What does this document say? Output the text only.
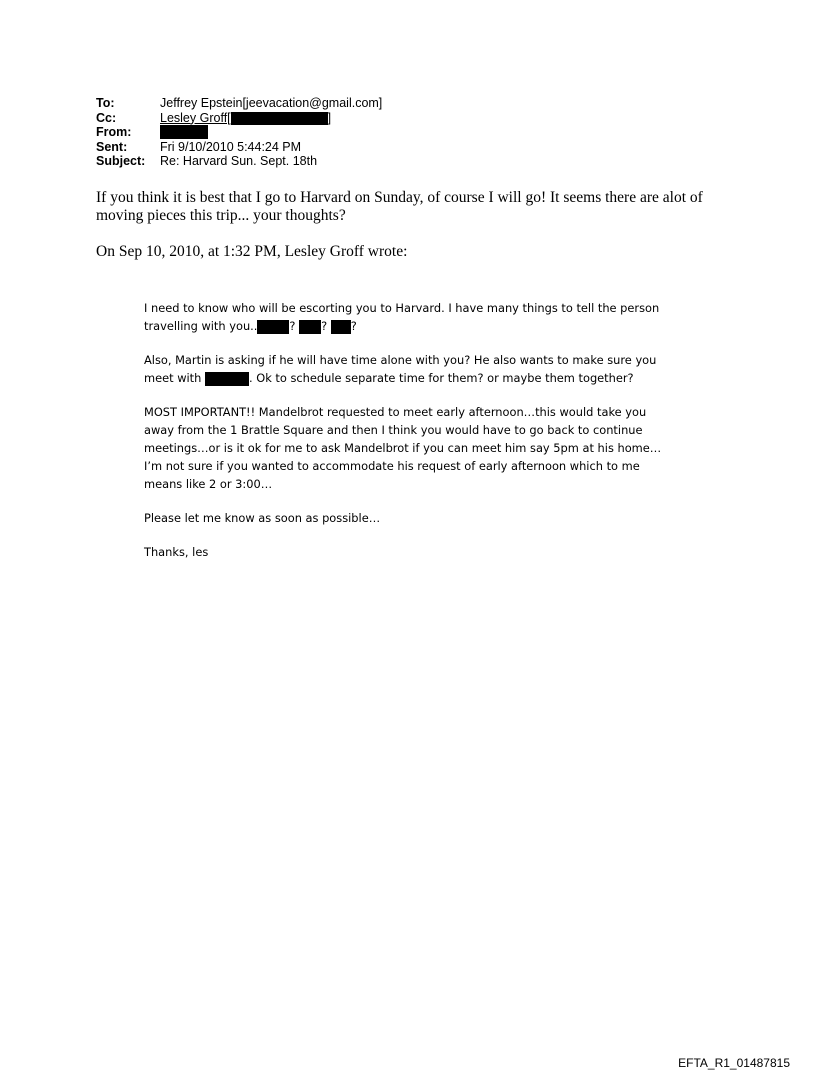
To:	Jeffrey Epstein[jeevacation@gmail.com]
Cc:	Lesley Groff[	]
From:
Sent:	Fri 9/10/2010 5:44:24 PM
Subject:	Re: Harvard Sun. Sept. 18th

If you think it is best that I go to Harvard on Sunday, of course I will go! It seems there are alot of moving pieces this trip... your thoughts?

On Sep 10, 2010, at 1:32 PM, Lesley Groff wrote:

I need to know who will be escorting you to Harvard. I have many things to tell the person travelling with you..	? ? ?

Also, Martin is asking if he will have time alone with you? He also wants to make sure you meet with	. Ok to schedule separate time for them? or maybe them together?

MOST IMPORTANT!! Mandelbrot requested to meet early afternoon…this would take you away from the 1 Brattle Square and then I think you would have to go back to continue meetings…or is it ok for me to ask Mandelbrot if you can meet him say 5pm at his home…I’m not sure if you wanted to accommodate his request of early afternoon which to me means like 2 or 3:00…

Please let me know as soon as possible…

Thanks, les

EFTA_R1_01487815
